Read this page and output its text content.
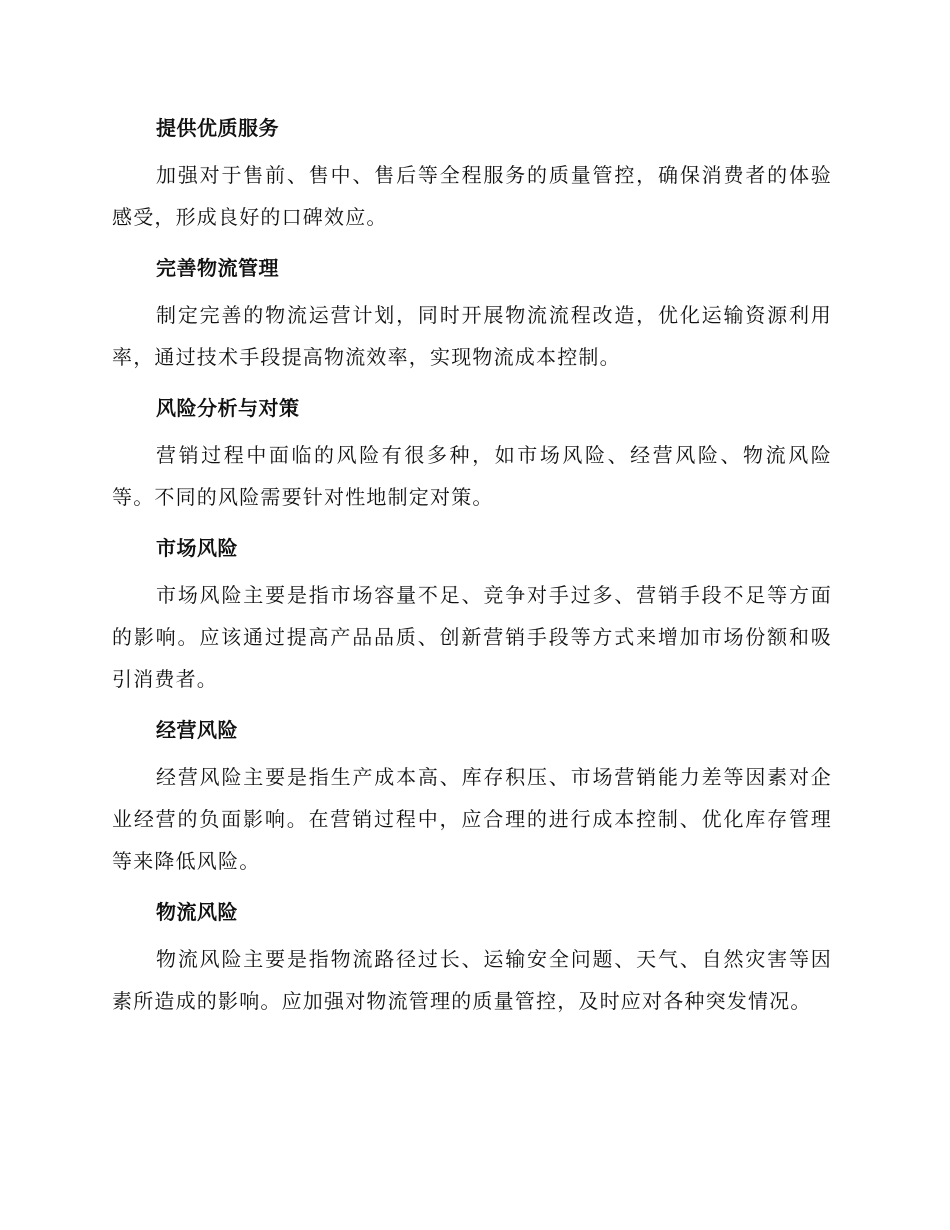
提供优质服务

加强对于售前、售中、售后等全程服务的质量管控，确保消费者的体验感受，形成良好的口碑效应。

完善物流管理

制定完善的物流运营计划，同时开展物流流程改造，优化运输资源利用率，通过技术手段提高物流效率，实现物流成本控制。

风险分析与对策

营销过程中面临的风险有很多种，如市场风险、经营风险、物流风险等。不同的风险需要针对性地制定对策。

市场风险

市场风险主要是指市场容量不足、竞争对手过多、营销手段不足等方面的影响。应该通过提高产品品质、创新营销手段等方式来增加市场份额和吸引消费者。

经营风险

经营风险主要是指生产成本高、库存积压、市场营销能力差等因素对企业经营的负面影响。在营销过程中，应合理的进行成本控制、优化库存管理等来降低风险。

物流风险

物流风险主要是指物流路径过长、运输安全问题、天气、自然灾害等因素所造成的影响。应加强对物流管理的质量管控，及时应对各种突发情况。
